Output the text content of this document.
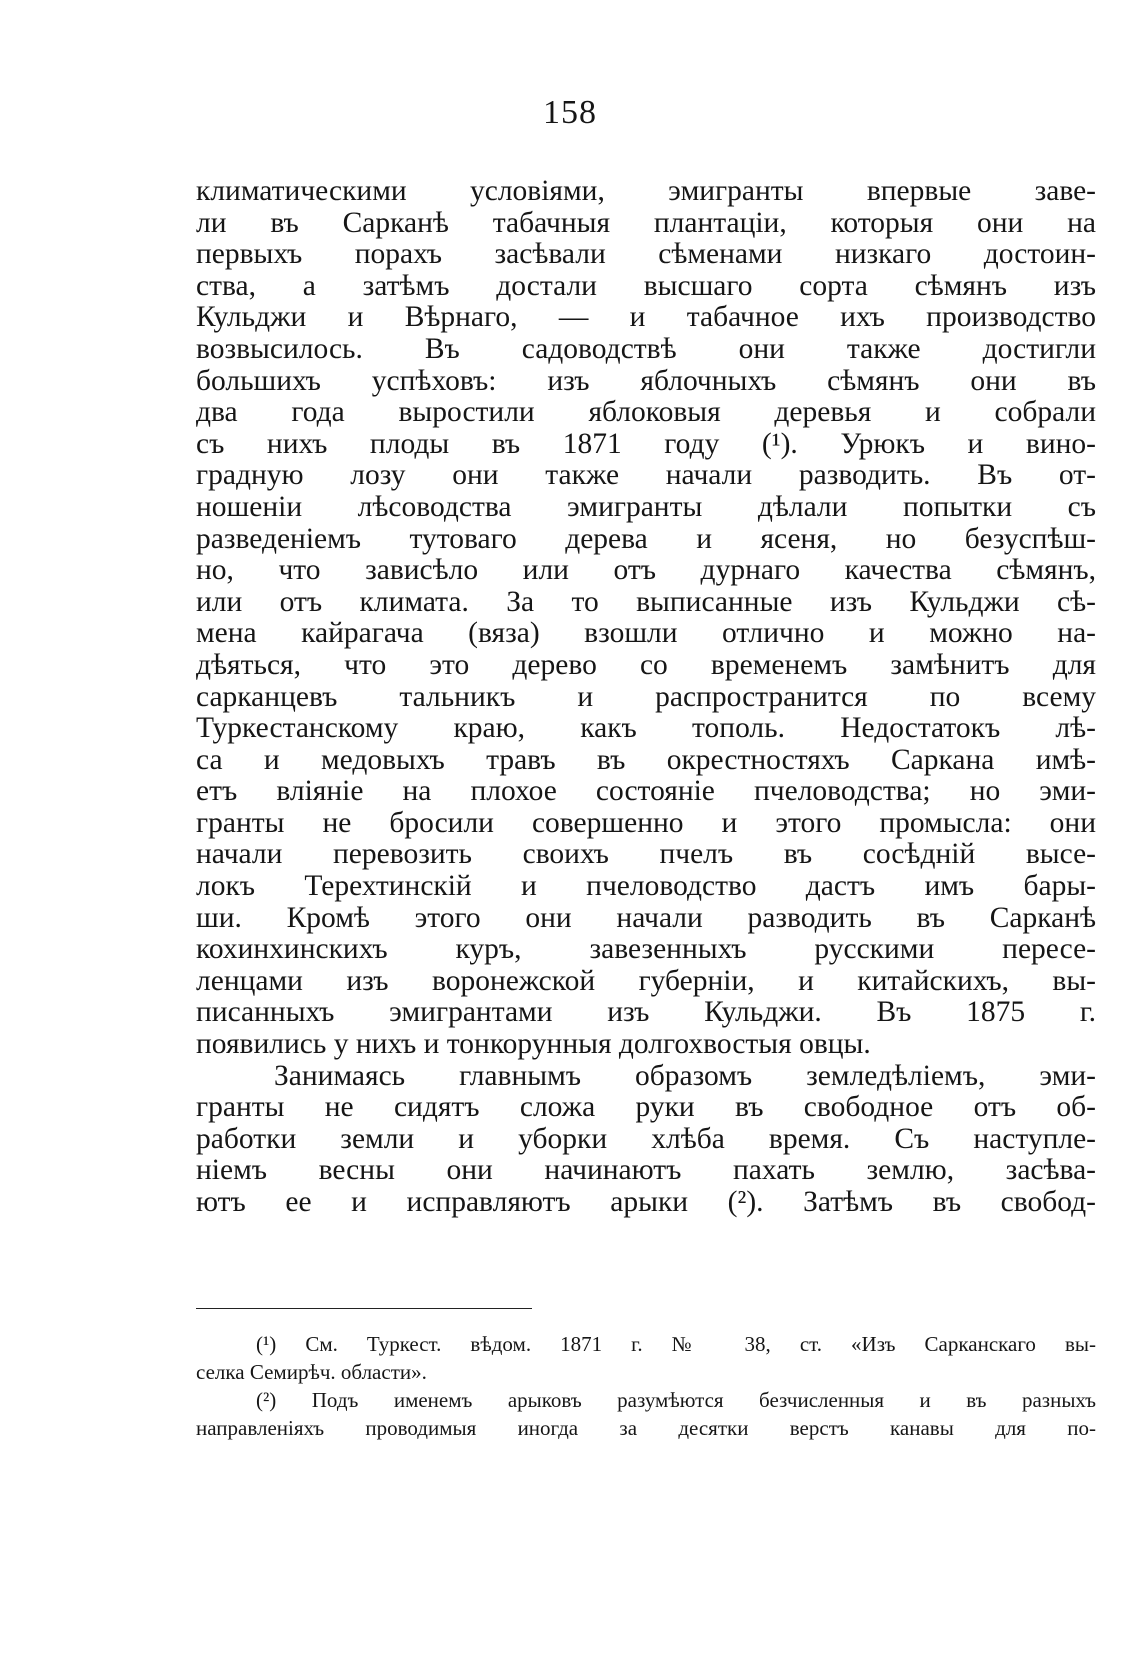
158
климатическими условіями, эмигранты впервые заве-
ли въ Сарканѣ табачныя плантаціи, которыя они на
первыхъ порахъ засѣвали сѣменами низкаго достоин-
ства, а затѣмъ достали высшаго сорта сѣмянъ изъ
Кульджи и Вѣрнаго, — и табачное ихъ производство
возвысилось. Въ садоводствѣ они также достигли
большихъ успѣховъ: изъ яблочныхъ сѣмянъ они въ
два года выростили яблоковыя деревья и собрали
съ нихъ плоды въ 1871 году (¹). Урюкъ и вино-
градную лозу они также начали разводить. Въ от-
ношеніи лѣсоводства эмигранты дѣлали попытки съ
разведеніемъ тутоваго дерева и ясеня, но безуспѣш-
но, что зависѣло или отъ дурнаго качества сѣмянъ,
или отъ климата. За то выписанные изъ Кульджи сѣ-
мена кайрагача (вяза) взошли отлично и можно на-
дѣяться, что это дерево со временемъ замѣнитъ для
сарканцевъ тальникъ и распространится по всему
Туркестанскому краю, какъ тополь. Недостатокъ лѣ-
са и медовыхъ травъ въ окрестностяхъ Саркана имѣ-
етъ вліяніе на плохое состояніе пчеловодства; но эми-
гранты не бросили совершенно и этого промысла: они
начали перевозить своихъ пчелъ въ сосѣдній высе-
локъ Терехтинскій и пчеловодство дастъ имъ бары-
ши. Кромѣ этого они начали разводить въ Сарканѣ
кохинхинскихъ куръ, завезенныхъ русскими пересе-
ленцами изъ воронежской губерніи, и китайскихъ, вы-
писанныхъ эмигрантами изъ Кульджи. Въ 1875 г.
появились у нихъ и тонкорунныя долгохвостыя овцы.
Занимаясь главнымъ образомъ земледѣліемъ, эми-
гранты не сидятъ сложа руки въ свободное отъ об-
работки земли и уборки хлѣба время. Съ наступле-
ніемъ весны они начинаютъ пахать землю, засѣва-
ютъ ее и исправляютъ арыки (²). Затѣмъ въ свобод-
(¹) См. Туркест. вѣдом. 1871 г. № 38, ст. «Изъ Сарканскаго вы-
селка Семирѣч. области».
(²) Подъ именемъ арыковъ разумѣются безчисленныя и въ разныхъ
направленіяхъ проводимыя иногда за десятки верстъ канавы для по-
